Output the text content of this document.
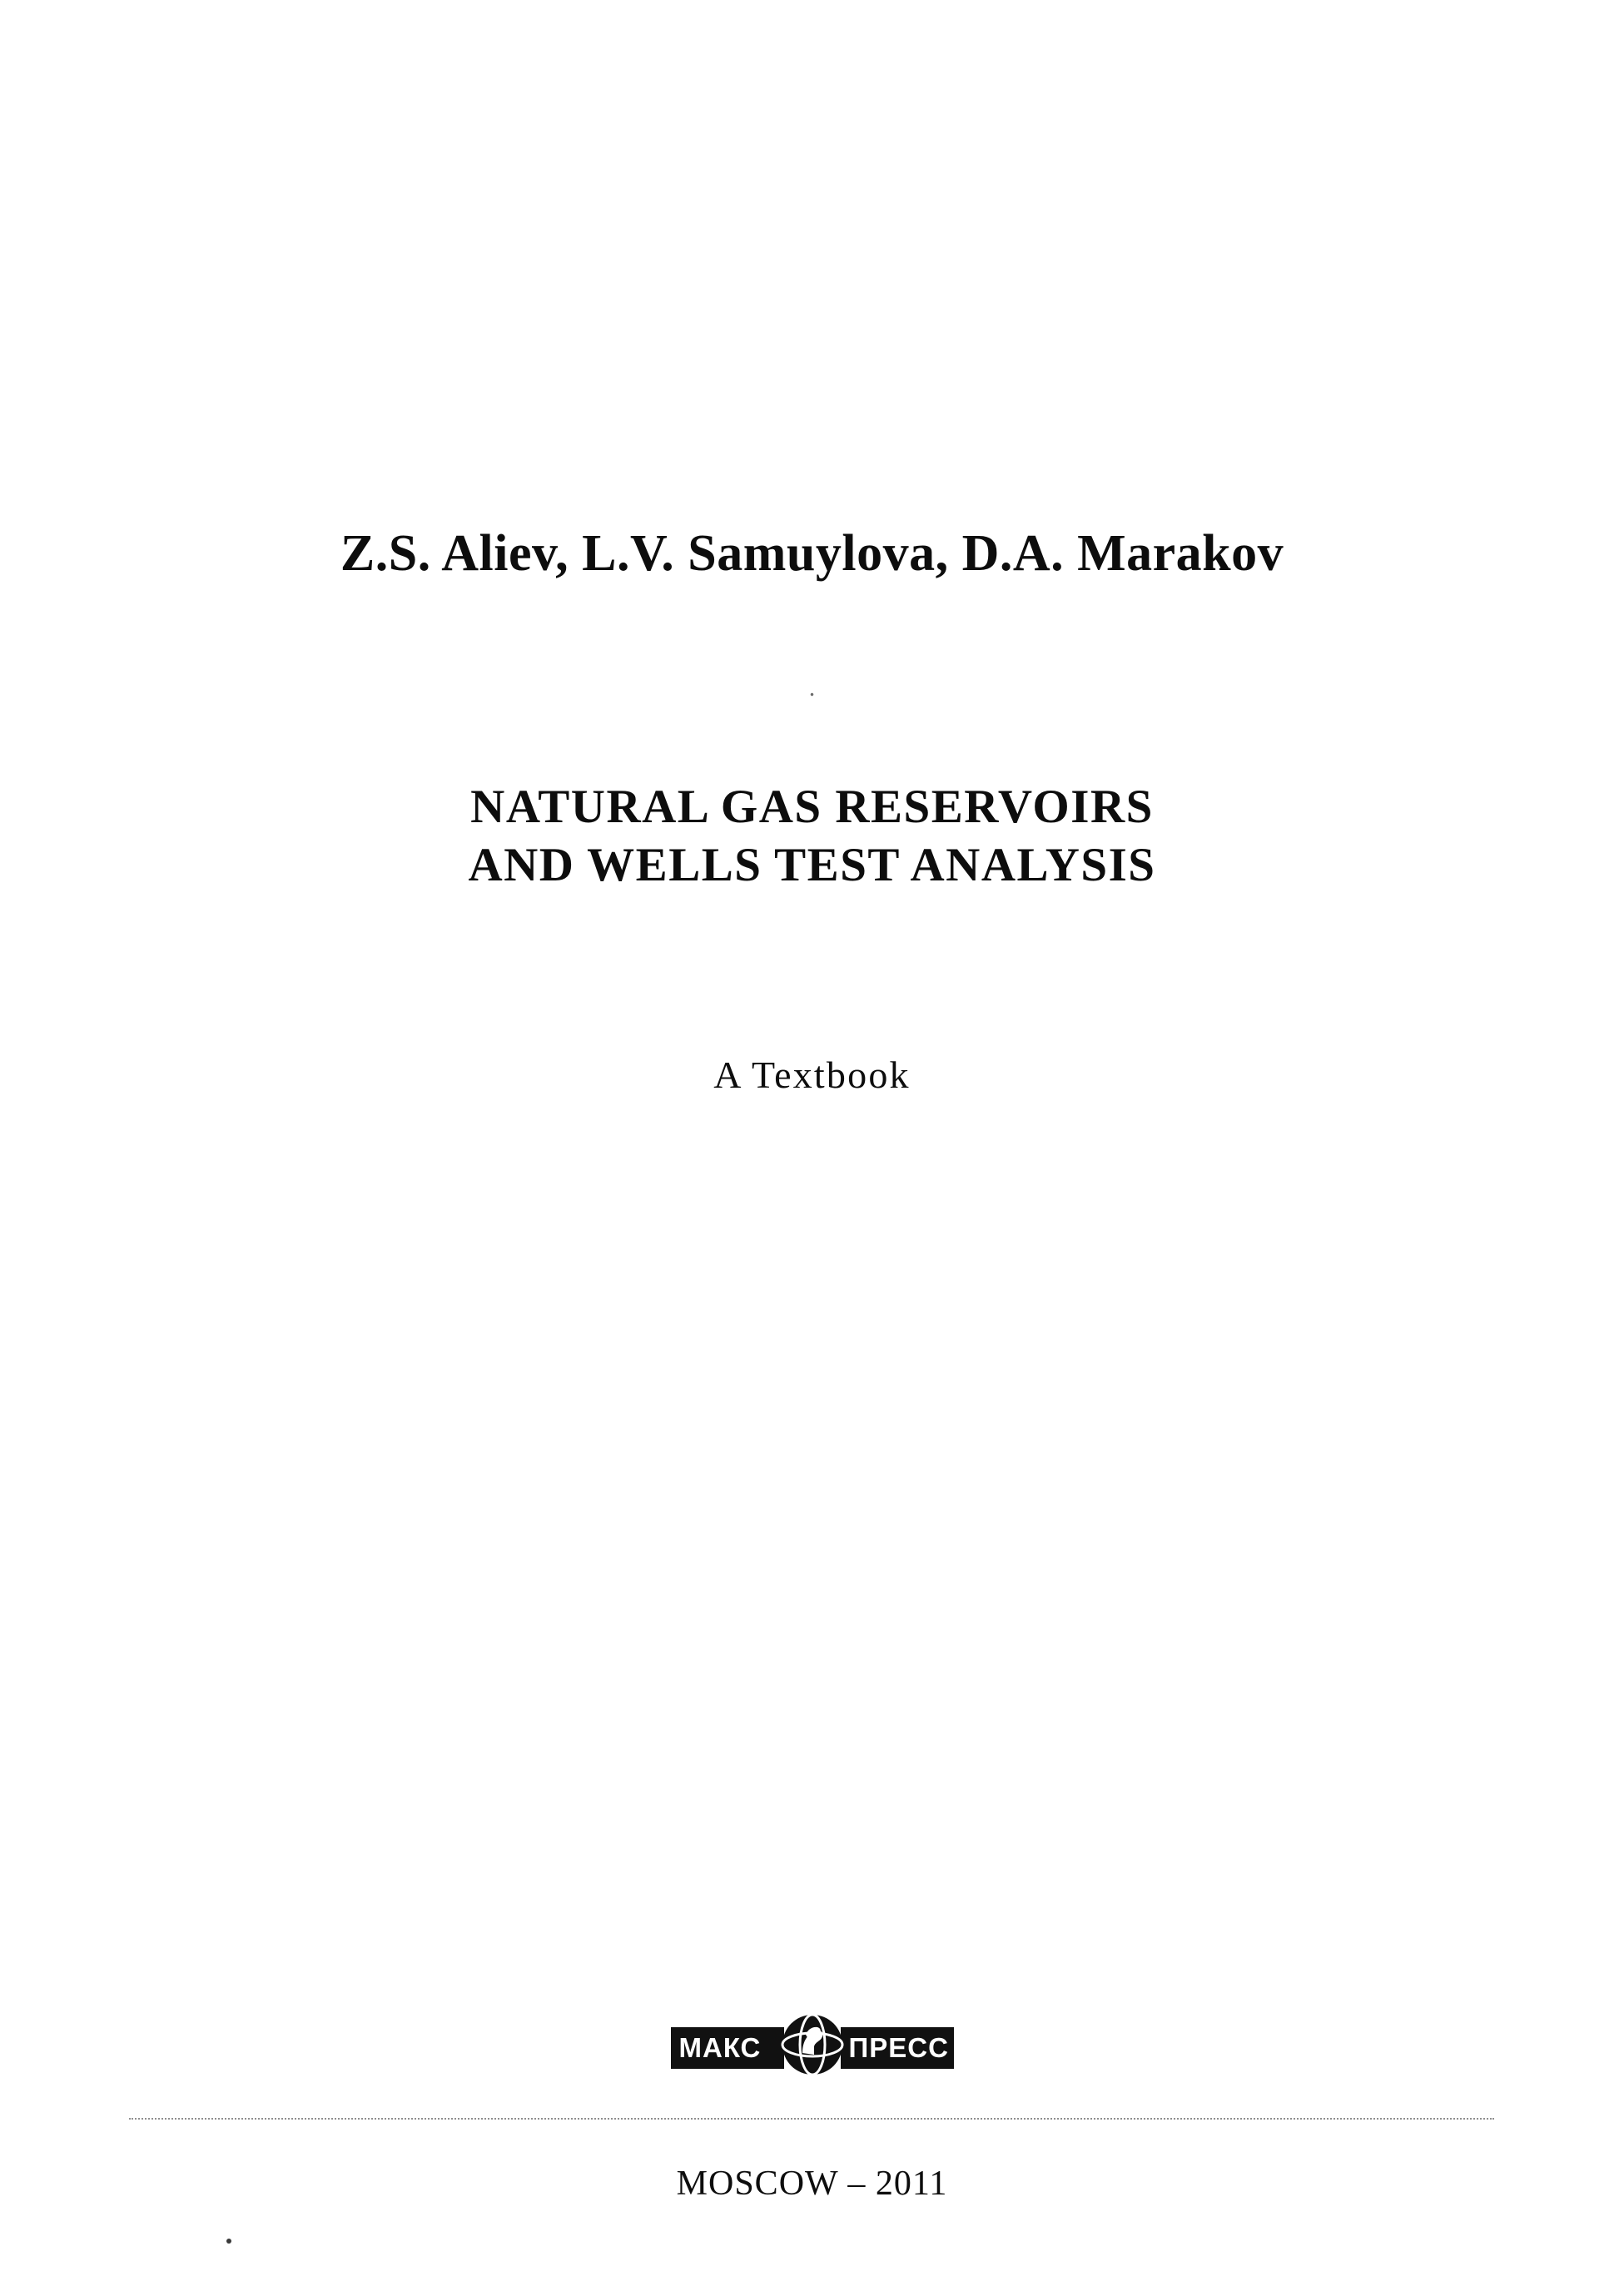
Z.S. Aliev, L.V. Samuylova, D.A. Marakov
.
NATURAL GAS RESERVOIRS
AND WELLS TEST ANALYSIS
A Textbook
МАКС	ПРЕСС
MOSCOW – 2011
